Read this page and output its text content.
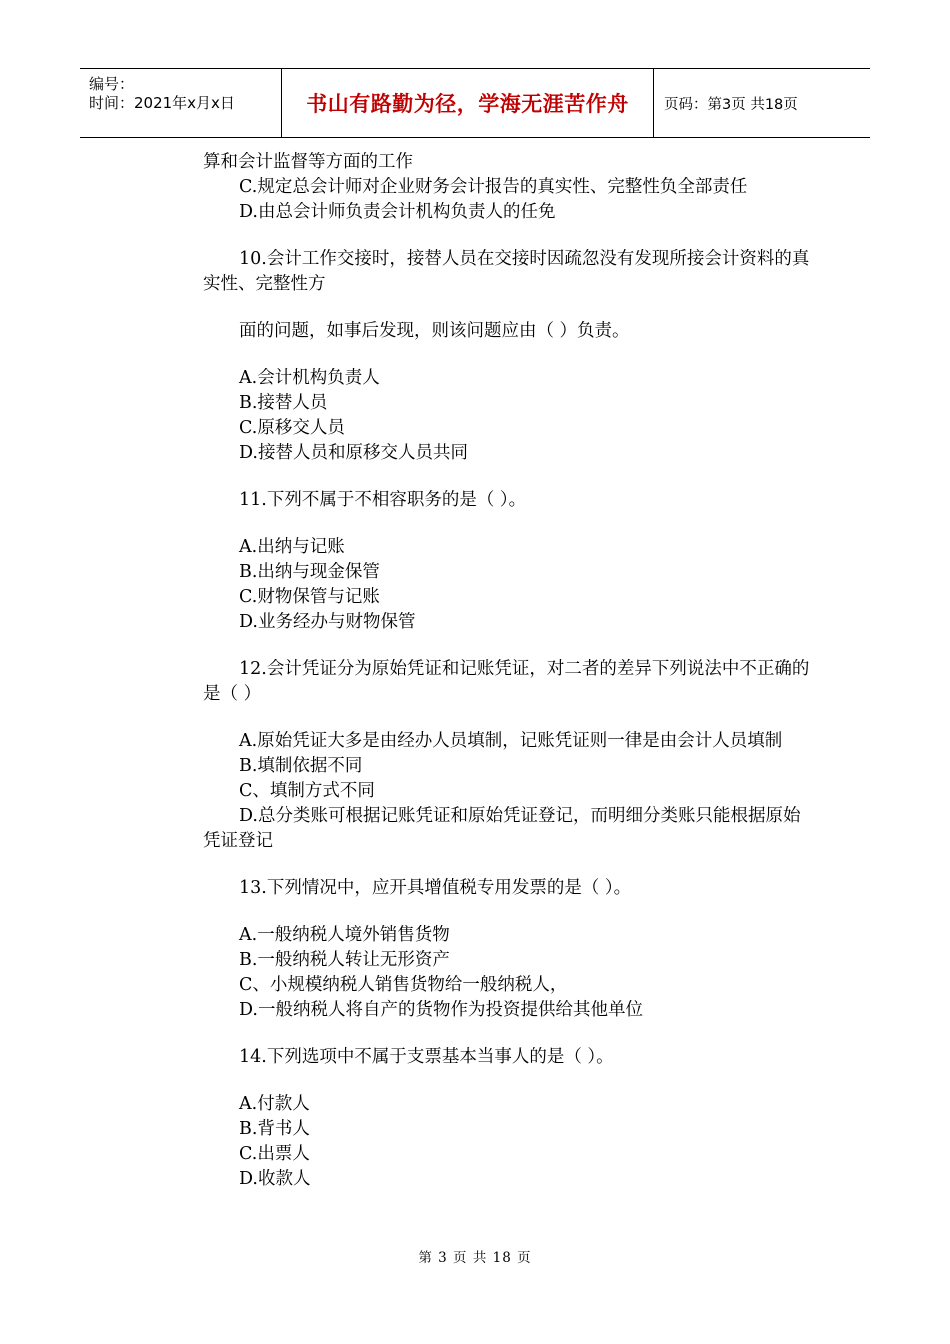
编号：
时间：2021年x月x日	书山有路勤为径，学海无涯苦作舟	页码：第3页 共18页

算和会计监督等方面的工作

C.规定总会计师对企业财务会计报告的真实性、完整性负全部责任

D.由总会计师负责会计机构负责人的任免

10.会计工作交接时，接替人员在交接时因疏忽没有发现所接会计资料的真实性、完整性方

面的问题，如事后发现，则该问题应由（ ）负责。

A.会计机构负责人

B.接替人员

C.原移交人员

D.接替人员和原移交人员共同

11.下列不属于不相容职务的是（ ）。

A.出纳与记账

B.出纳与现金保管

C.财物保管与记账

D.业务经办与财物保管

12.会计凭证分为原始凭证和记账凭证，对二者的差异下列说法中不正确的是（ ）

A.原始凭证大多是由经办人员填制，记账凭证则一律是由会计人员填制

B.填制依据不同

C、填制方式不同

D.总分类账可根据记账凭证和原始凭证登记，而明细分类账只能根据原始凭证登记

13.下列情况中，应开具增值税专用发票的是（ ）。

A.一般纳税人境外销售货物

B.一般纳税人转让无形资产

C、小规模纳税人销售货物给一般纳税人，

D.一般纳税人将自产的货物作为投资提供给其他单位

14.下列选项中不属于支票基本当事人的是（ ）。

A.付款人

B.背书人

C.出票人

D.收款人

第 3 页 共 18 页
